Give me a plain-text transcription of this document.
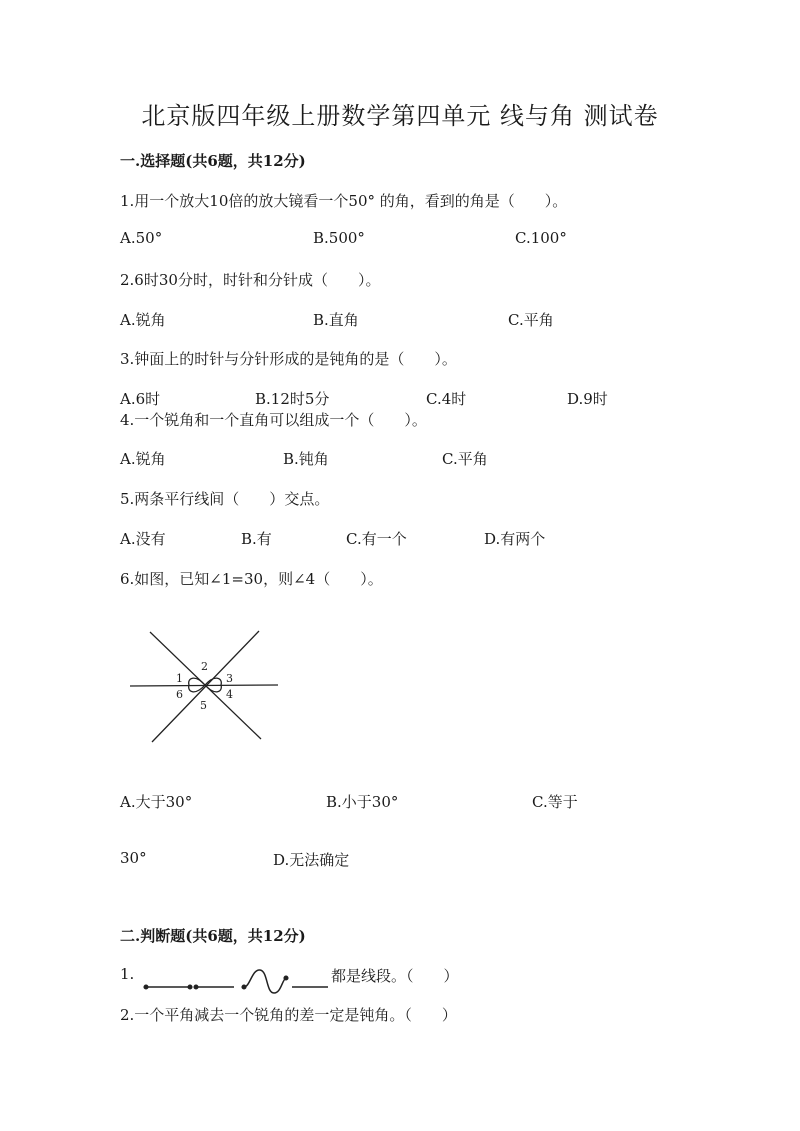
北京版四年级上册数学第四单元 线与角 测试卷
一.选择题(共6题，共12分)
1.用一个放大10倍的放大镜看一个50° 的角，看到的角是（　　）。
A.50°	B.500°	C.100°
2.6时30分时，时针和分针成（　　）。
A.锐角	B.直角	C.平角
3.钟面上的时针与分针形成的是钝角的是（　　）。
A.6时	B.12时5分	C.4时	D.9时
4.一个锐角和一个直角可以组成一个（　　）。
A.锐角	B.钝角	C.平角
5.两条平行线间（　　）交点。
A.没有	B.有	C.有一个	D.有两个
6.如图，已知∠1=30，则∠4（　　）。
1
2
3
4
5
6
A.大于30°	B.小于30°	C.等于
30°	D.无法确定
二.判断题(共6题，共12分)
1.	都是线段。（　　）
2.一个平角减去一个锐角的差一定是钝角。（　　）
